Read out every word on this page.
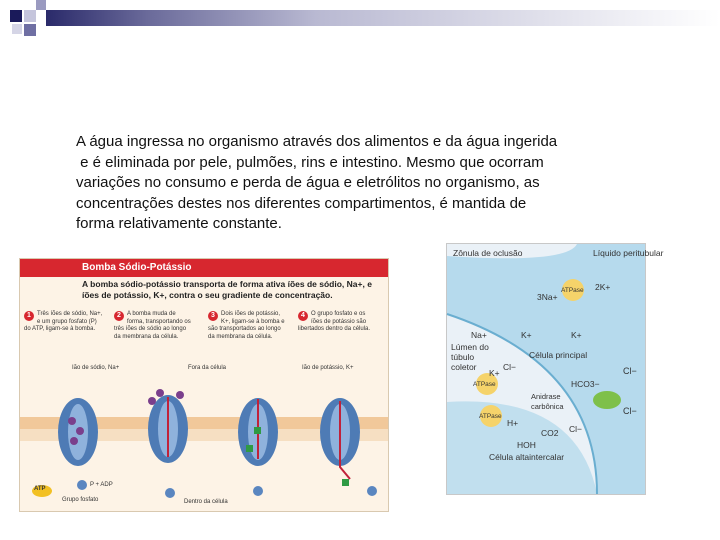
A água ingressa no organismo através dos alimentos e da água ingerida

e é eliminada por pele, pulmões, rins e intestino. Mesmo que ocorram

variações no consumo e perda de água e eletrólitos no organismo, as

concentrações destes nos diferentes compartimentos, é mantida de

forma relativamente constante.

Bomba Sódio-Potássio
A bomba sódio-potássio transporta de forma ativa íões de sódio, Na+, e íões de potássio, K+, contra o seu gradiente de concentração.
1	Três íões de sódio, Na+, e um grupo fosfato (P) do ATP, ligam-se à bomba.
2	A bomba muda de forma, transportando os três íões de sódio ao longo da membrana da célula.
3	Dois íões de potássio, K+, ligam-se à bomba e são transportados ao longo da membrana da célula.
4	O grupo fosfato e os íões de potássio são libertados dentro da célula.
Ião de sódio, Na+	Fora da célula	Ião de potássio, K+
ATP
P + ADP
Grupo fosfato	Dentro da célula
Zônula de oclusão	Líquido peritubular
3Na+
ATPase 2K+
Na+	K+	K+
Lúmen do
túbulo
coletor
Célula principal
Cl−
K+
ATPase	HCO3−
Cl−
Anidrase
carbônica
ATPase
H+
Cl−
Cl−
CO2
HOH
Célula altaintercalar
